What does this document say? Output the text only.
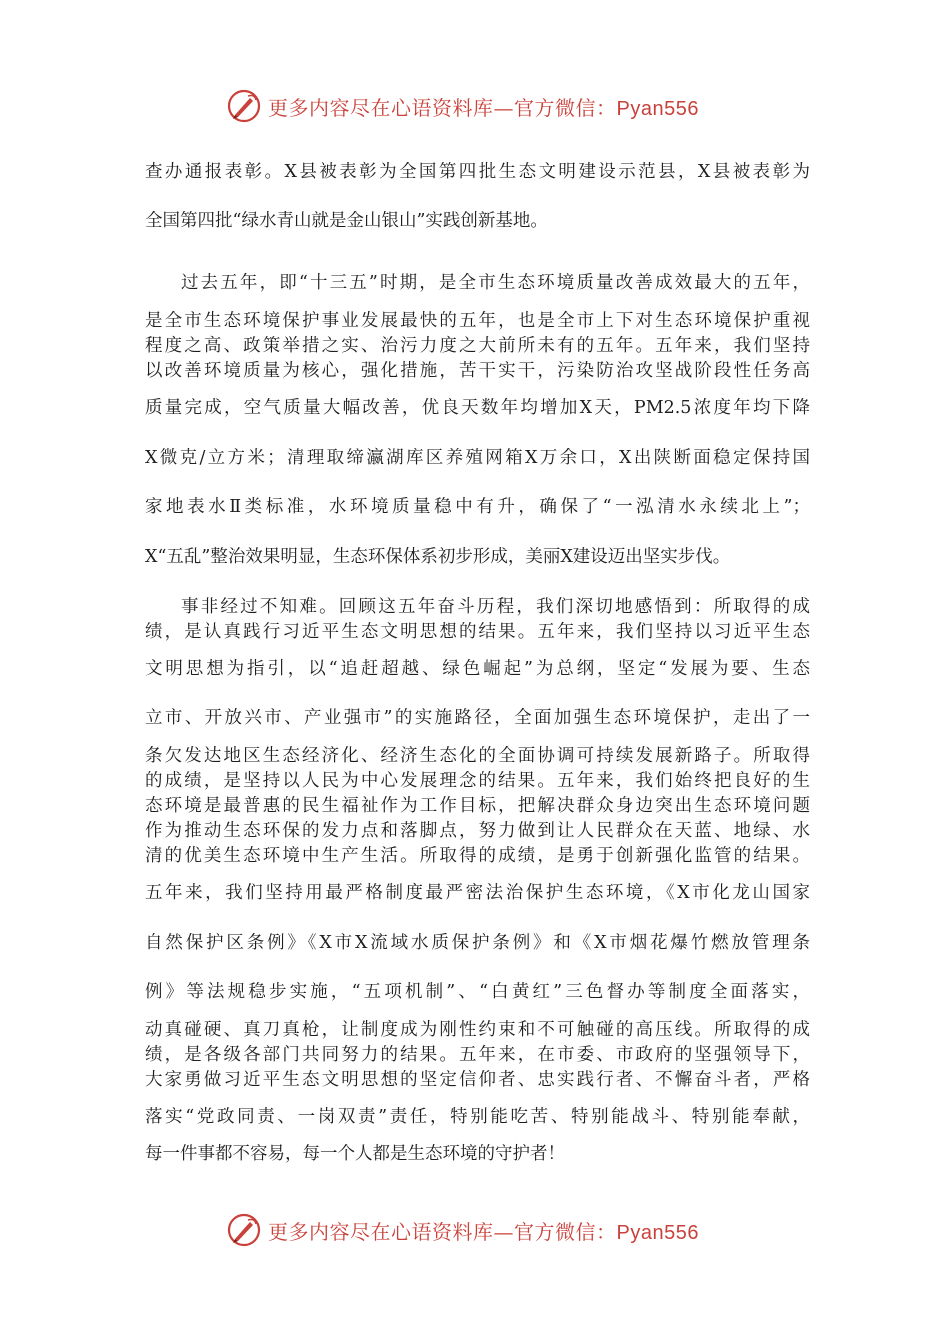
更多内容尽在心语资料库—官方微信：Pyan556
查办通报表彰。X县被表彰为全国第四批生态文明建设示范县，X县被表彰为
全国第四批“绿水青山就是金山银山”实践创新基地。
过去五年，即“十三五”时期，是全市生态环境质量改善成效最大的五年，
是全市生态环境保护事业发展最快的五年，也是全市上下对生态环境保护重视
程度之高、政策举措之实、治污力度之大前所未有的五年。五年来，我们坚持
以改善环境质量为核心，强化措施，苦干实干，污染防治攻坚战阶段性任务高
质量完成，空气质量大幅改善，优良天数年均增加X天，PM2.5浓度年均下降
X微克/立方米；清理取缔瀛湖库区养殖网箱X万余口，X出陕断面稳定保持国
家地表水Ⅱ类标准，水环境质量稳中有升，确保了“一泓清水永续北上”；
X“五乱”整治效果明显，生态环保体系初步形成，美丽X建设迈出坚实步伐。
事非经过不知难。回顾这五年奋斗历程，我们深切地感悟到：所取得的成
绩，是认真践行习近平生态文明思想的结果。五年来，我们坚持以习近平生态
文明思想为指引，以“追赶超越、绿色崛起”为总纲，坚定“发展为要、生态
立市、开放兴市、产业强市”的实施路径，全面加强生态环境保护，走出了一
条欠发达地区生态经济化、经济生态化的全面协调可持续发展新路子。所取得
的成绩，是坚持以人民为中心发展理念的结果。五年来，我们始终把良好的生
态环境是最普惠的民生福祉作为工作目标，把解决群众身边突出生态环境问题
作为推动生态环保的发力点和落脚点，努力做到让人民群众在天蓝、地绿、水
清的优美生态环境中生产生活。所取得的成绩，是勇于创新强化监管的结果。
五年来，我们坚持用最严格制度最严密法治保护生态环境，《X市化龙山国家
自然保护区条例》《X市X流域水质保护条例》和《X市烟花爆竹燃放管理条
例》等法规稳步实施，“五项机制”、“白黄红”三色督办等制度全面落实，
动真碰硬、真刀真枪，让制度成为刚性约束和不可触碰的高压线。所取得的成
绩，是各级各部门共同努力的结果。五年来，在市委、市政府的坚强领导下，
大家勇做习近平生态文明思想的坚定信仰者、忠实践行者、不懈奋斗者，严格
落实“党政同责、一岗双责”责任，特别能吃苦、特别能战斗、特别能奉献，
每一件事都不容易，每一个人都是生态环境的守护者！
更多内容尽在心语资料库—官方微信：Pyan556
